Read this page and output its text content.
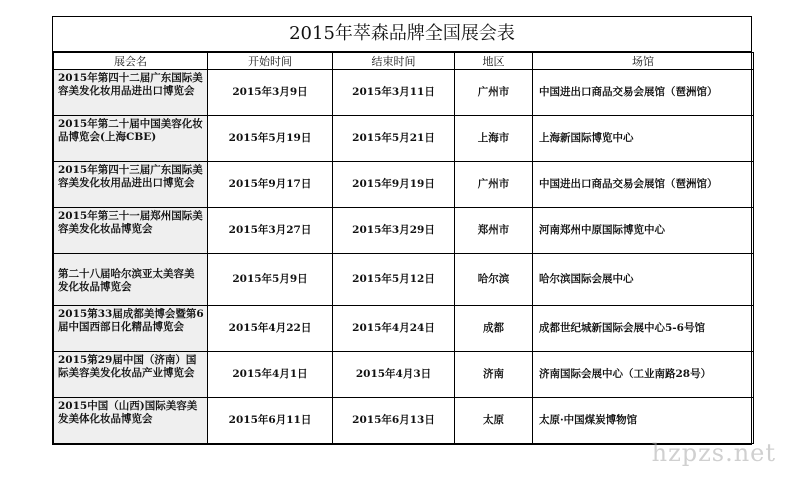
2015年萃森品牌全国展会表
展会名	开始时间	结束时间	地区	场馆
2015年第四十二届广东国际美容美发化妆用品进出口博览会	2015年3月9日	2015年3月11日	广州市	中国进出口商品交易会展馆（琶洲馆）
2015年第二十届中国美容化妆品博览会(上海CBE)	2015年5月19日	2015年5月21日	上海市	上海新国际博览中心
2015年第四十三届广东国际美容美发化妆用品进出口博览会	2015年9月17日	2015年9月19日	广州市	中国进出口商品交易会展馆（琶洲馆）
2015年第三十一届郑州国际美容美发化妆品博览会	2015年3月27日	2015年3月29日	郑州市	河南郑州中原国际博览中心
第二十八届哈尔滨亚太美容美发化妆品博览会	2015年5月9日	2015年5月12日	哈尔滨	哈尔滨国际会展中心
2015第33届成都美博会暨第6届中国西部日化精品博览会	2015年4月22日	2015年4月24日	成都	成都世纪城新国际会展中心5-6号馆
2015第29届中国（济南）国际美容美发化妆品产业博览会	2015年4月1日	2015年4月3日	济南	济南国际会展中心（工业南路28号）
2015中国（山西)国际美容美发美体化妆品博览会	2015年6月11日	2015年6月13日	太原	太原·中国煤炭博物馆
hzpzs.net
